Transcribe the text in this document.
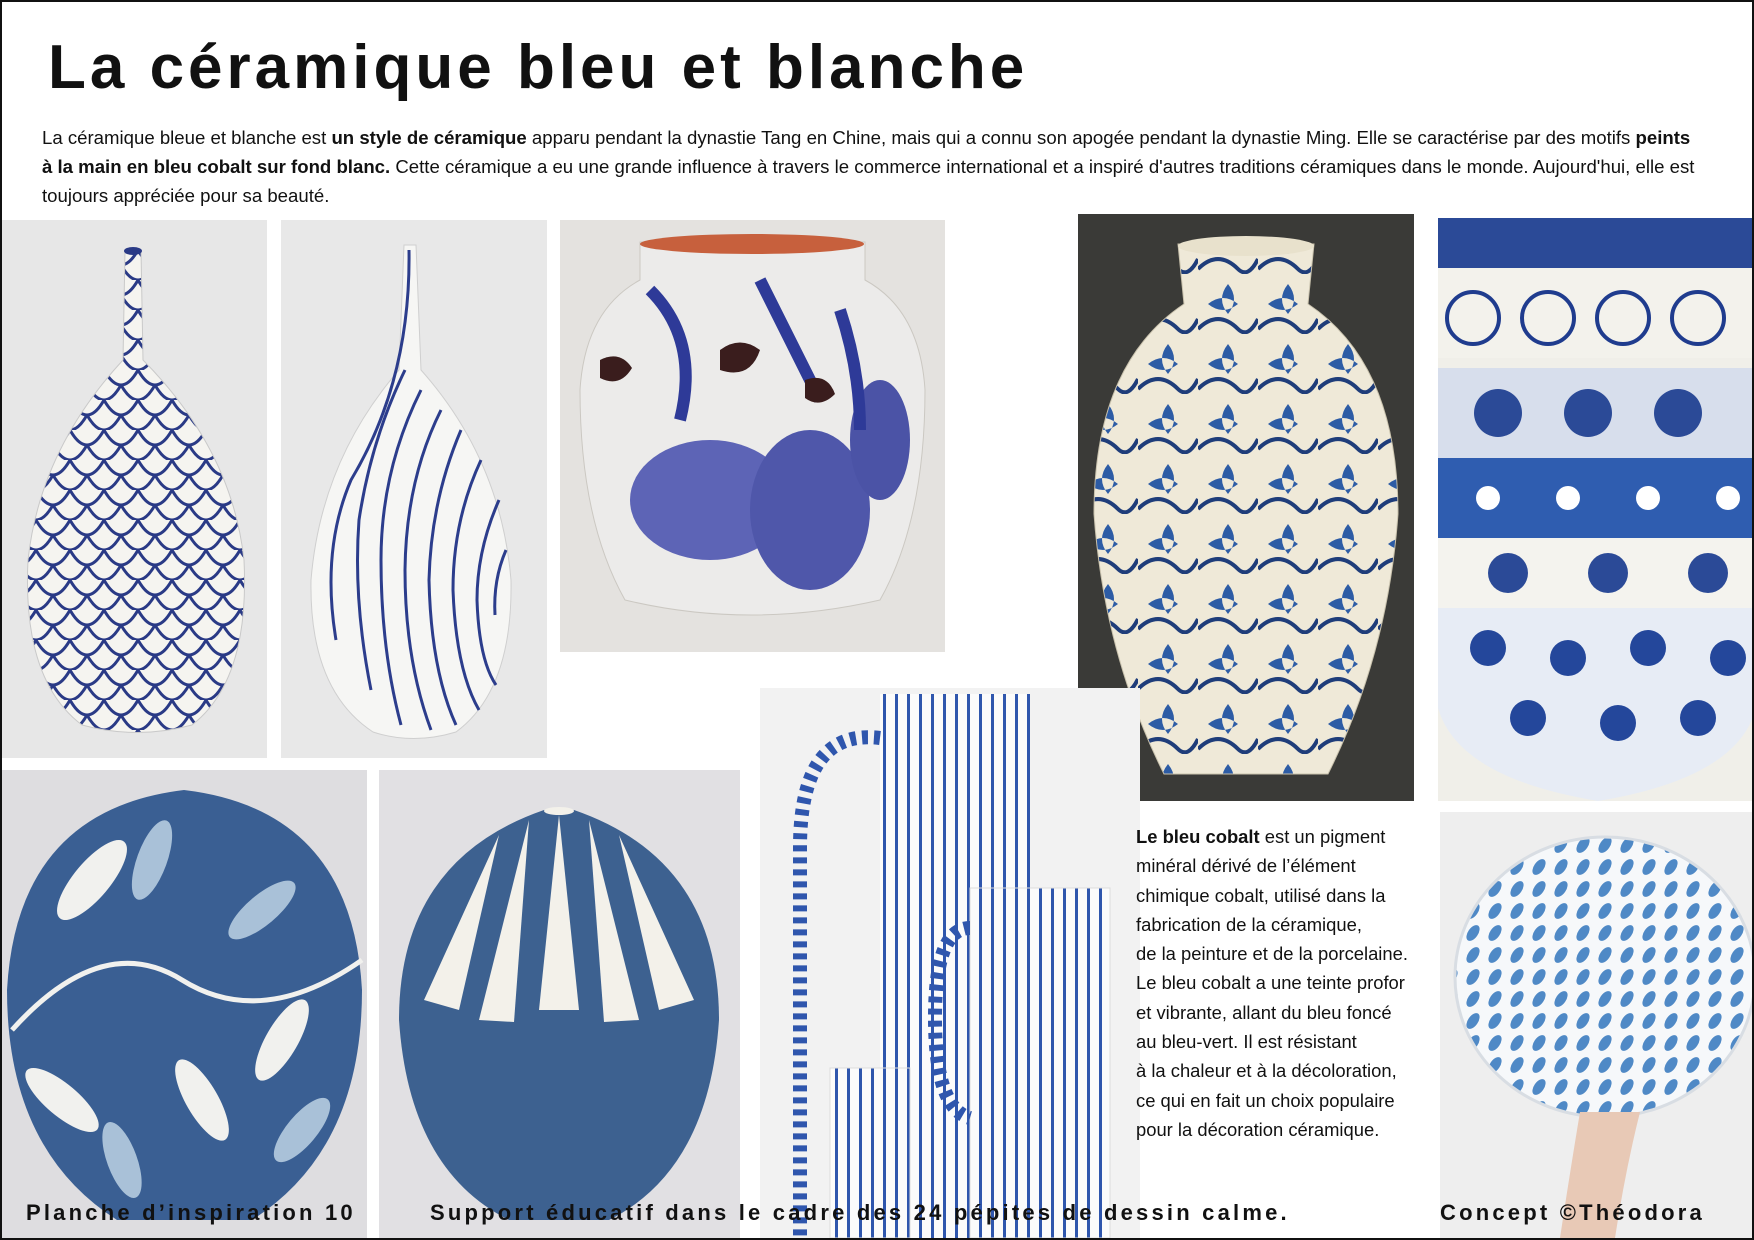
La céramique bleu et blanche
La céramique bleue et blanche est un style de céramique apparu pendant la dynastie Tang en Chine, mais qui a connu son apogée pendant la dynastie Ming. Elle se caractérise par des motifs peints à la main en bleu cobalt sur fond blanc. Cette céramique a eu une grande influence à travers le commerce international et a inspiré d'autres traditions céramiques dans le monde. Aujourd'hui, elle est toujours appréciée pour sa beauté.
Le bleu cobalt est un pigment
minéral dérivé de l’élément
chimique cobalt, utilisé dans la
fabrication de la céramique,
de la peinture et de la porcelaine.
Le bleu cobalt a une teinte profor
et vibrante, allant du bleu foncé
au bleu-vert. Il est résistant
à la chaleur et à la décoloration,
ce qui en fait un choix populaire
pour la décoration céramique.
Planche d’inspiration 10	Support éducatif dans le cadre des 24 pépites de dessin calme.	Concept ©Théodora
